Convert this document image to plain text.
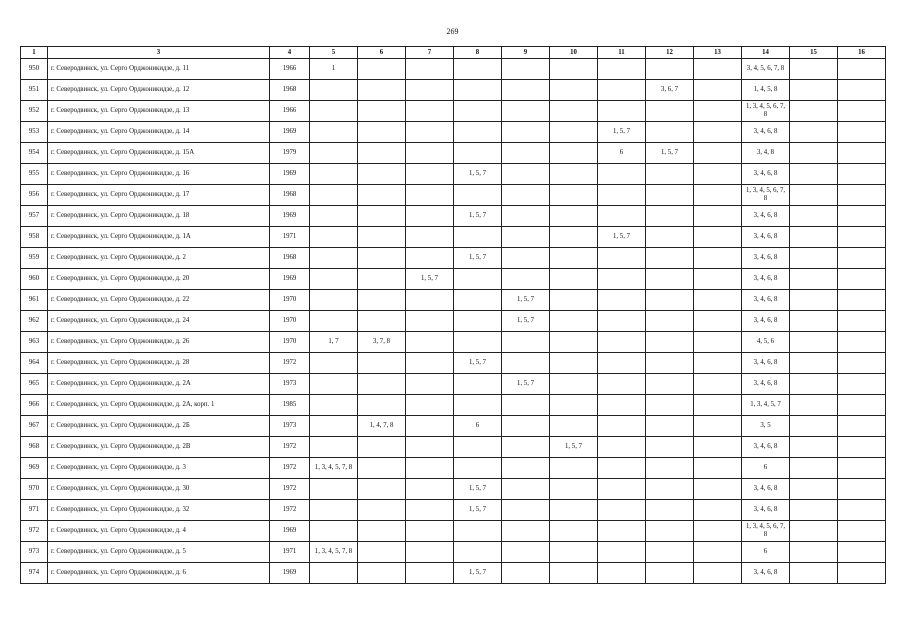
269
1	3	4	5	6	7	8	9	10	11	12	13	14	15	16
950	г. Северодвинск, ул. Серго Орджоникидзе, д. 11	1966	1									3, 4, 5, 6, 7, 8		
951	г. Северодвинск, ул. Серго Орджоникидзе, д. 12	1968								3, 6, 7		1, 4, 5, 8		
952	г. Северодвинск, ул. Серго Орджоникидзе, д. 13	1966										1, 3, 4, 5, 6, 7, 8		
953	г. Северодвинск, ул. Серго Орджоникидзе, д. 14	1969							1, 5, 7			3, 4, 6, 8		
954	г. Северодвинск, ул. Серго Орджоникидзе, д. 15А	1979							6	1, 5, 7		3, 4, 8		
955	г. Северодвинск, ул. Серго Орджоникидзе, д. 16	1969				1, 5, 7						3, 4, 6, 8		
956	г. Северодвинск, ул. Серго Орджоникидзе, д. 17	1968										1, 3, 4, 5, 6, 7, 8		
957	г. Северодвинск, ул. Серго Орджоникидзе, д. 18	1969				1, 5, 7						3, 4, 6, 8		
958	г. Северодвинск, ул. Серго Орджоникидзе, д. 1А	1971							1, 5, 7			3, 4, 6, 8		
959	г. Северодвинск, ул. Серго Орджоникидзе, д. 2	1968				1, 5, 7						3, 4, 6, 8		
960	г. Северодвинск, ул. Серго Орджоникидзе, д. 20	1969			1, 5, 7							3, 4, 6, 8		
961	г. Северодвинск, ул. Серго Орджоникидзе, д. 22	1970					1, 5, 7					3, 4, 6, 8		
962	г. Северодвинск, ул. Серго Орджоникидзе, д. 24	1970					1, 5, 7					3, 4, 6, 8		
963	г. Северодвинск, ул. Серго Орджоникидзе, д. 26	1970	1, 7	3, 7, 8								4, 5, 6		
964	г. Северодвинск, ул. Серго Орджоникидзе, д. 28	1972				1, 5, 7						3, 4, 6, 8		
965	г. Северодвинск, ул. Серго Орджоникидзе, д. 2А	1973					1, 5, 7					3, 4, 6, 8		
966	г. Северодвинск, ул. Серго Орджоникидзе, д. 2А, корп. 1	1985										1, 3, 4, 5, 7		
967	г. Северодвинск, ул. Серго Орджоникидзе, д. 2Б	1973		1, 4, 7, 8		6						3, 5		
968	г. Северодвинск, ул. Серго Орджоникидзе, д. 2В	1972						1, 5, 7				3, 4, 6, 8		
969	г. Северодвинск, ул. Серго Орджоникидзе, д. 3	1972	1, 3, 4, 5, 7, 8									6		
970	г. Северодвинск, ул. Серго Орджоникидзе, д. 30	1972				1, 5, 7						3, 4, 6, 8		
971	г. Северодвинск, ул. Серго Орджоникидзе, д. 32	1972				1, 5, 7						3, 4, 6, 8		
972	г. Северодвинск, ул. Серго Орджоникидзе, д. 4	1969										1, 3, 4, 5, 6, 7, 8		
973	г. Северодвинск, ул. Серго Орджоникидзе, д. 5	1971	1, 3, 4, 5, 7, 8									6		
974	г. Северодвинск, ул. Серго Орджоникидзе, д. 6	1969				1, 5, 7						3, 4, 6, 8		
